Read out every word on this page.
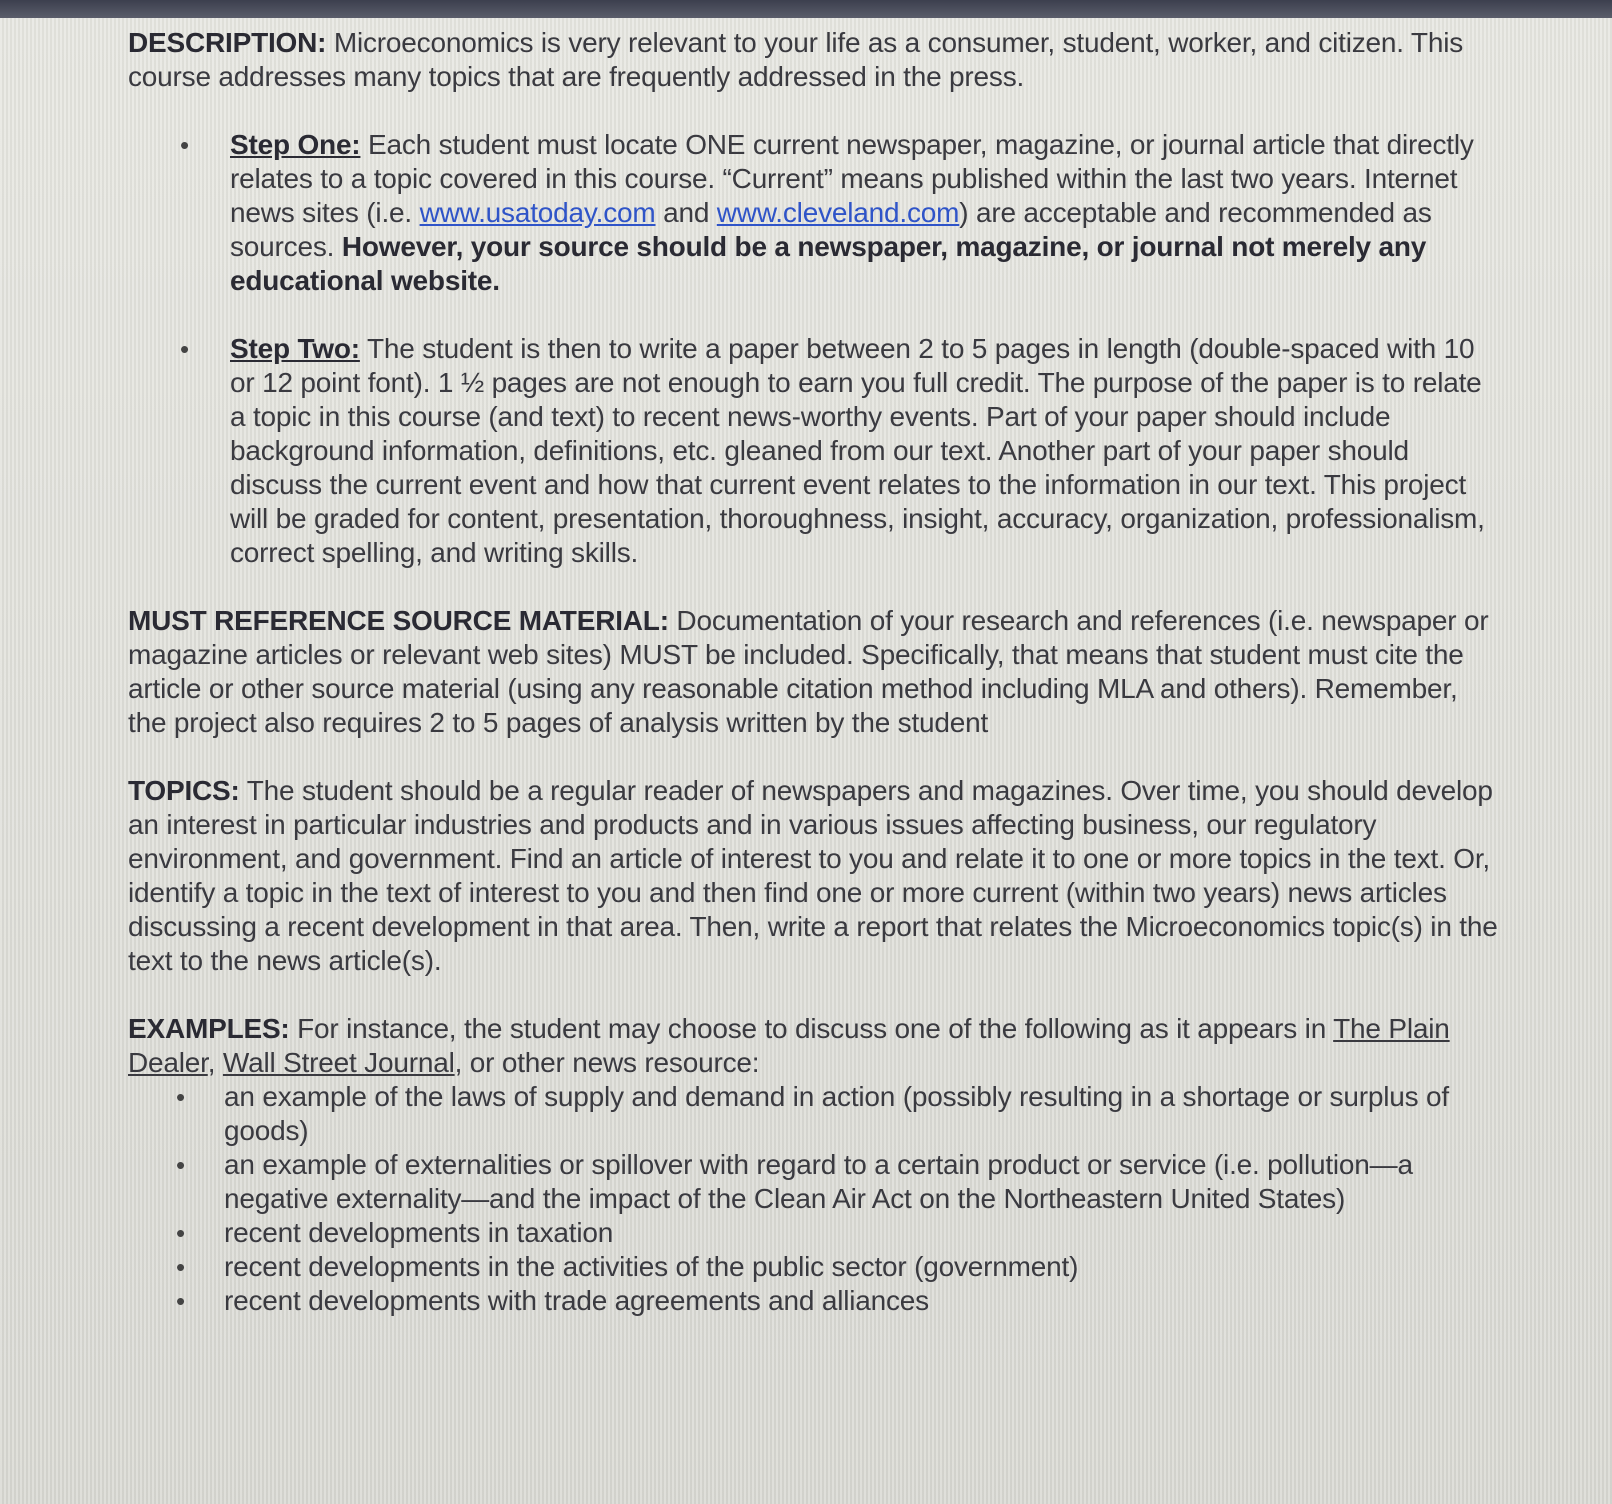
DESCRIPTION: Microeconomics is very relevant to your life as a consumer, student, worker, and citizen. This course addresses many topics that are frequently addressed in the press.

• Step One: Each student must locate ONE current newspaper, magazine, or journal article that directly relates to a topic covered in this course. “Current” means published within the last two years. Internet news sites (i.e. www.usatoday.com and www.cleveland.com) are acceptable and recommended as sources. However, your source should be a newspaper, magazine, or journal not merely any educational website.
• Step Two: The student is then to write a paper between 2 to 5 pages in length (double-spaced with 10 or 12 point font). 1 ½ pages are not enough to earn you full credit. The purpose of the paper is to relate a topic in this course (and text) to recent news-worthy events. Part of your paper should include background information, definitions, etc. gleaned from our text. Another part of your paper should discuss the current event and how that current event relates to the information in our text. This project will be graded for content, presentation, thoroughness, insight, accuracy, organization, professionalism, correct spelling, and writing skills.

MUST REFERENCE SOURCE MATERIAL: Documentation of your research and references (i.e. newspaper or magazine articles or relevant web sites) MUST be included. Specifically, that means that student must cite the article or other source material (using any reasonable citation method including MLA and others). Remember, the project also requires 2 to 5 pages of analysis written by the student

TOPICS: The student should be a regular reader of newspapers and magazines. Over time, you should develop an interest in particular industries and products and in various issues affecting business, our regulatory environment, and government. Find an article of interest to you and relate it to one or more topics in the text. Or, identify a topic in the text of interest to you and then find one or more current (within two years) news articles discussing a recent development in that area. Then, write a report that relates the Microeconomics topic(s) in the text to the news article(s).

EXAMPLES: For instance, the student may choose to discuss one of the following as it appears in The Plain Dealer, Wall Street Journal, or other news resource:

• an example of the laws of supply and demand in action (possibly resulting in a shortage or surplus of goods)
• an example of externalities or spillover with regard to a certain product or service (i.e. pollution—a negative externality—and the impact of the Clean Air Act on the Northeastern United States)
• recent developments in taxation
• recent developments in the activities of the public sector (government)
• recent developments with trade agreements and alliances
